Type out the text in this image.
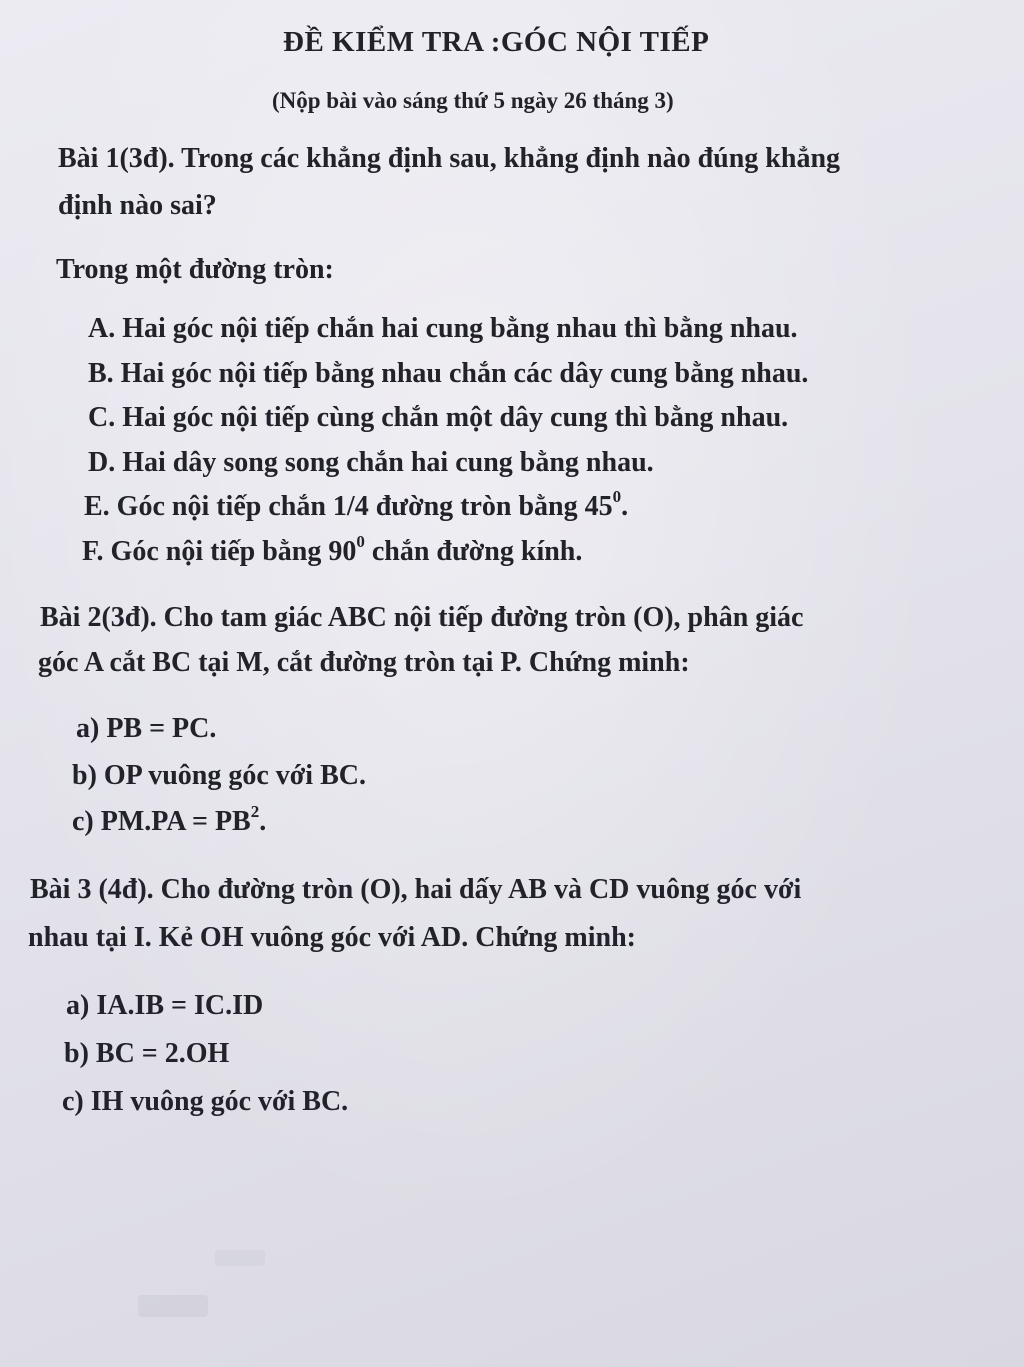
ĐỀ KIỂM TRA :GÓC NỘI TIẾP
(Nộp bài vào sáng thứ 5 ngày 26 tháng 3)
Bài 1(3đ). Trong các khẳng định sau, khẳng định nào đúng khẳng
định nào sai?
Trong một đường tròn:
A. Hai góc nội tiếp chắn hai cung bằng nhau thì bằng nhau.
B. Hai góc nội tiếp bằng nhau chắn các dây cung bằng nhau.
C. Hai góc nội tiếp cùng chắn một dây cung thì bằng nhau.
D. Hai dây song song chắn hai cung bằng nhau.
E. Góc nội tiếp chắn 1/4 đường tròn bằng $45^0$.
F. Góc nội tiếp bằng $90^0$ chắn đường kính.
Bài 2(3đ). Cho tam giác ABC nội tiếp đường tròn (O), phân giác
góc A cắt BC tại M, cắt đường tròn tại P. Chứng minh:
a) PB = PC.
b) OP vuông góc với BC.
c) $PM.PA = PB^2$.
Bài 3 (4đ). Cho đường tròn (O), hai dấy AB và CD vuông góc với
nhau tại I. Kẻ OH vuông góc với AD. Chứng minh:
a) IA.IB = IC.ID
b) BC = 2.OH
c) IH vuông góc với BC.
